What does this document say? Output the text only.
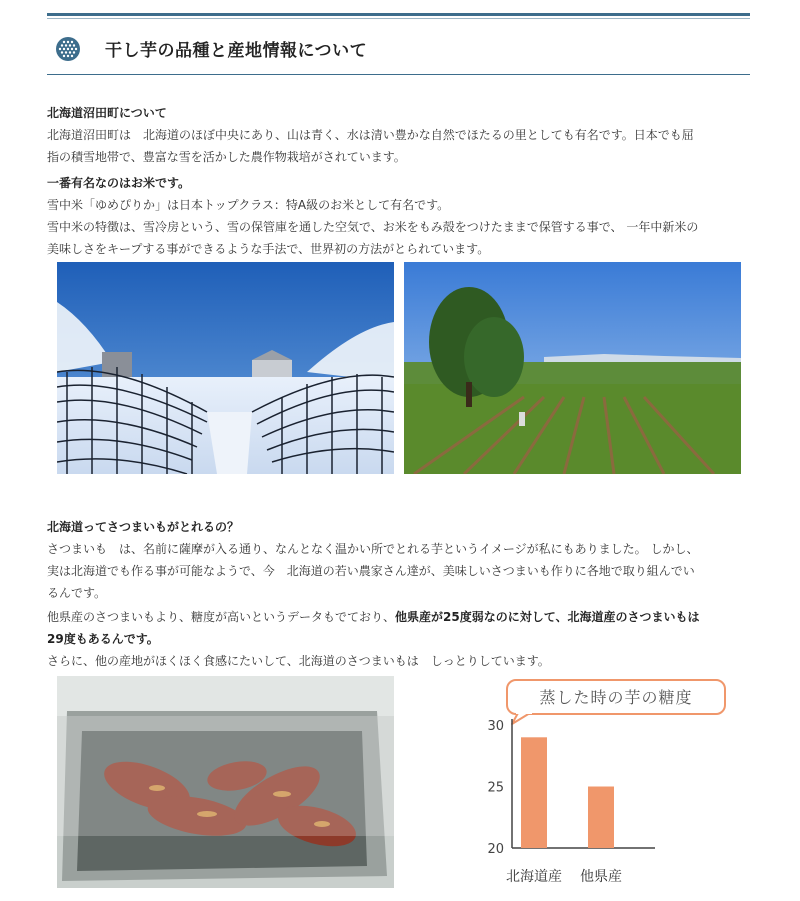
干し芋の品種と産地情報について
北海道沼田町について
北海道沼田町は　北海道のほぼ中央にあり、山は青く、水は清い豊かな自然でほたるの里としても有名です。日本でも屈
指の積雪地帯で、豊富な雪を活かした農作物栽培がされています。
一番有名なのはお米です。
雪中米「ゆめぴりか」は日本トップクラス：特A級のお米として有名です。
雪中米の特徴は、雪冷房という、雪の保管庫を通した空気で、お米をもみ殻をつけたままで保管する事で、 一年中新米の
美味しさをキープする事ができるような手法で、世界初の方法がとられています。
北海道ってさつまいもがとれるの？
さつまいも　は、名前に薩摩が入る通り、なんとなく温かい所でとれる芋というイメージが私にもありました。 しかし、
実は北海道でも作る事が可能なようで、今　北海道の若い農家さん達が、美味しいさつまいも作りに各地で取り組んでい
るんです。
他県産のさつまいもより、糖度が高いというデータもでており、他県産が25度弱なのに対して、北海道産のさつまいもは
29度もあるんです。
さらに、他の産地がほくほく食感にたいして、北海道のさつまいもは　しっとりしています。
蒸した時の芋の糖度
20
25
30
北海道産 他県産
